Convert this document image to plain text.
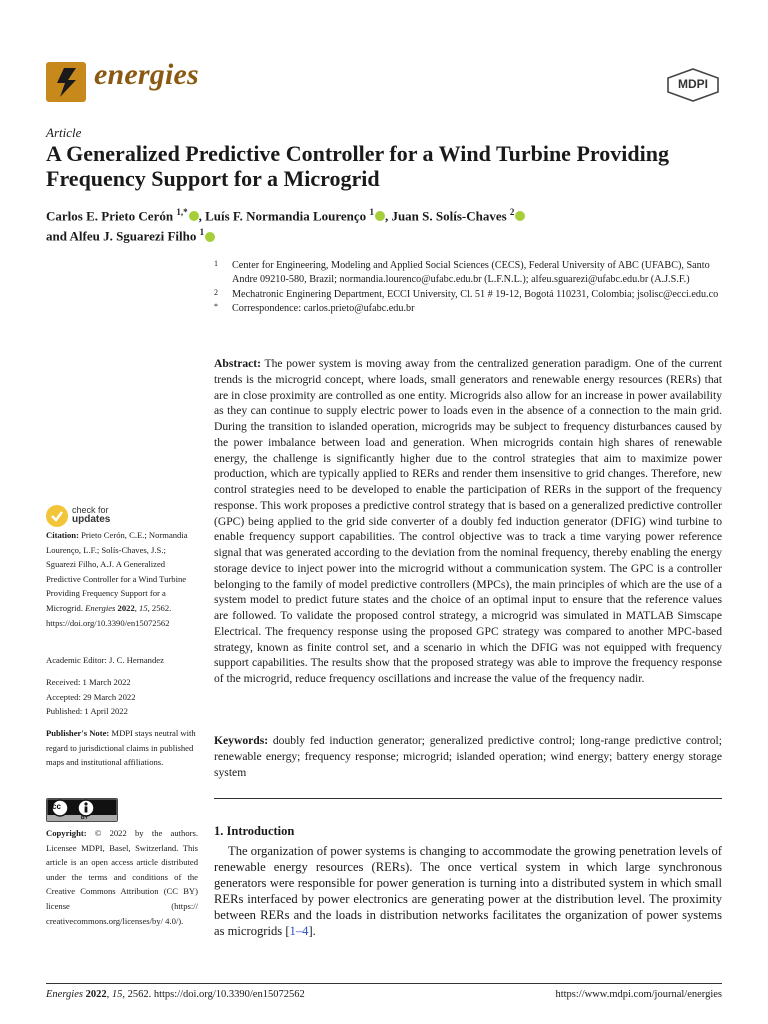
energies	MDPI
Article
A Generalized Predictive Controller for a Wind Turbine Providing Frequency Support for a Microgrid
Carlos E. Prieto Cerón $^{1,*}$ , Luís F. Normandia Lourenço $^1$ , Juan S. Solís-Chaves $^2$
and Alfeu J. Sguarezi Filho $^1$
1 Center for Engineering, Modeling and Applied Social Sciences (CECS), Federal University of ABC (UFABC), Santo Andre 09210-580, Brazil; normandia.lourenco@ufabc.edu.br (L.F.N.L.); alfeu.sguarezi@ufabc.edu.br (A.J.S.F.)
2 Mechatronic Enginering Department, ECCI University, Cl. 51 # 19-12, Bogotá 110231, Colombia; jsolisc@ecci.edu.co
* Correspondence: carlos.prieto@ufabc.edu.br
Abstract: The power system is moving away from the centralized generation paradigm. One of the current trends is the microgrid concept, where loads, small generators and renewable energy resources (RERs) that are in close proximity are controlled as one entity. Microgrids also allow for an increase in power availability as they can continue to supply electric power to loads even in the absence of a connection to the main grid. During the transition to islanded operation, microgrids may be subject to frequency disturbances caused by the power imbalance between load and generation. When microgrids contain high shares of renewable energy, the challenge is significantly higher due to the control strategies that aim to maximize power production, which are typically applied to RERs and render them insensitive to grid changes. Therefore, new control strategies need to be developed to enable the participation of RERs in the support of the frequency response. This work proposes a predictive control strategy that is based on a generalized predictive controller (GPC) being applied to the grid side converter of a doubly fed induction generator (DFIG) wind turbine to enable frequency support capabilities. The control objective was to track a time varying power reference signal that was generated according to the deviation from the nominal frequency, thereby enabling the energy storage device to inject power into the microgrid without a communication system. The GPC is a controller belonging to the family of model predictive controllers (MPCs), the main principles of which are the use of a system model to predict future states and the choice of an optimal input to ensure that the reference values are followed. To validate the proposed control strategy, a microgrid was simulated in MATLAB Simscape Electrical. The frequency response using the proposed GPC strategy was compared to another MPC-based strategy, known as finite control set, and a scenario in which the DFIG was not equipped with frequency support capabilities. The results show that the proposed strategy was able to improve the frequency response of the microgrid, reduce frequency oscillations and increase the value of the frequency nadir.
Keywords: doubly fed induction generator; generalized predictive control; long-range predictive control; renewable energy; frequency response; microgrid; islanded operation; wind energy; battery energy storage system
1. Introduction
The organization of power systems is changing to accommodate the growing penetration levels of renewable energy resources (RERs). The once vertical system in which large synchronous generators were responsible for power generation is turning into a distributed system in which small RERs interfaced by power electronics are generating power at the distribution level. The proximity between RERs and the loads in distribution networks facilitates the organization of power systems as microgrids [1–4].
check for
updates
Citation: Prieto Cerón, C.E.; Normandia Lourenço, L.F.; Solís-Chaves, J.S.; Sguarezi Filho, A.J. A Generalized Predictive Controller for a Wind Turbine Providing Frequency Support for a Microgrid. Energies 2022, 15, 2562. https://doi.org/10.3390/en15072562
Academic Editor: J. C. Hernandez
Received: 1 March 2022
Accepted: 29 March 2022
Published: 1 April 2022
Publisher's Note: MDPI stays neutral with regard to jurisdictional claims in published maps and institutional affiliations.
cc
BY
Copyright: © 2022 by the authors. Licensee MDPI, Basel, Switzerland. This article is an open access article distributed under the terms and conditions of the Creative Commons Attribution (CC BY) license (https:// creativecommons.org/licenses/by/ 4.0/).
Energies 2022, 15, 2562. https://doi.org/10.3390/en15072562	https://www.mdpi.com/journal/energies
